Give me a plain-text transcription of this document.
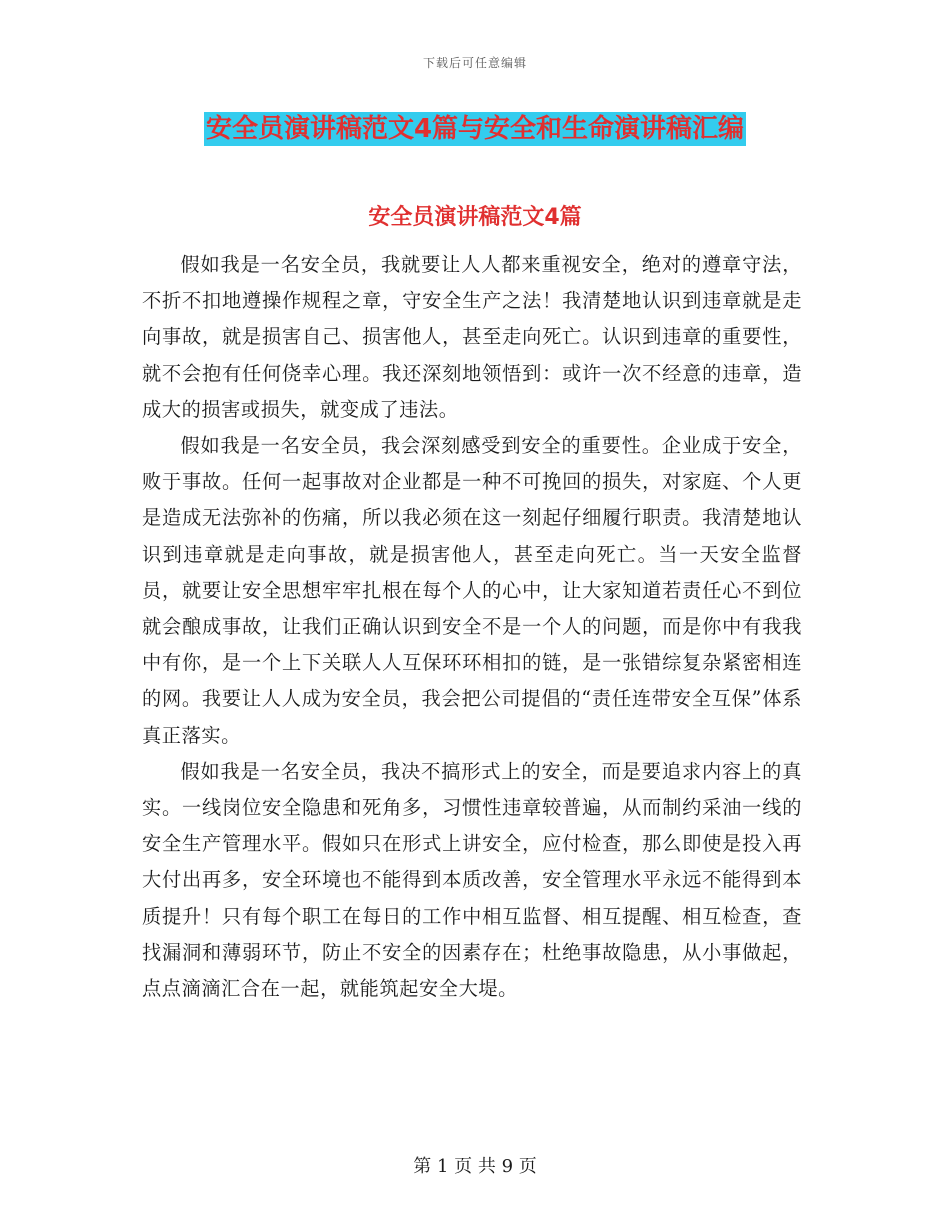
下载后可任意编辑
安全员演讲稿范文4篇与安全和生命演讲稿汇编
安全员演讲稿范文4篇

假如我是一名安全员，我就要让人人都来重视安全，绝对的遵章守法，不折不扣地遵操作规程之章，守安全生产之法！我清楚地认识到违章就是走向事故，就是损害自己、损害他人，甚至走向死亡。认识到违章的重要性，就不会抱有任何侥幸心理。我还深刻地领悟到：或许一次不经意的违章，造成大的损害或损失，就变成了违法。

假如我是一名安全员，我会深刻感受到安全的重要性。企业成于安全，败于事故。任何一起事故对企业都是一种不可挽回的损失，对家庭、个人更是造成无法弥补的伤痛，所以我必须在这一刻起仔细履行职责。我清楚地认识到违章就是走向事故，就是损害他人，甚至走向死亡。当一天安全监督员，就要让安全思想牢牢扎根在每个人的心中，让大家知道若责任心不到位就会酿成事故，让我们正确认识到安全不是一个人的问题，而是你中有我我中有你，是一个上下关联人人互保环环相扣的链，是一张错综复杂紧密相连的网。我要让人人成为安全员，我会把公司提倡的“责任连带安全互保”体系真正落实。

假如我是一名安全员，我决不搞形式上的安全，而是要追求内容上的真实。一线岗位安全隐患和死角多，习惯性违章较普遍，从而制约采油一线的安全生产管理水平。假如只在形式上讲安全，应付检查，那么即使是投入再大付出再多，安全环境也不能得到本质改善，安全管理水平永远不能得到本质提升！只有每个职工在每日的工作中相互监督、相互提醒、相互检查，查找漏洞和薄弱环节，防止不安全的因素存在；杜绝事故隐患，从小事做起，点点滴滴汇合在一起，就能筑起安全大堤。

第 1 页 共 9 页
